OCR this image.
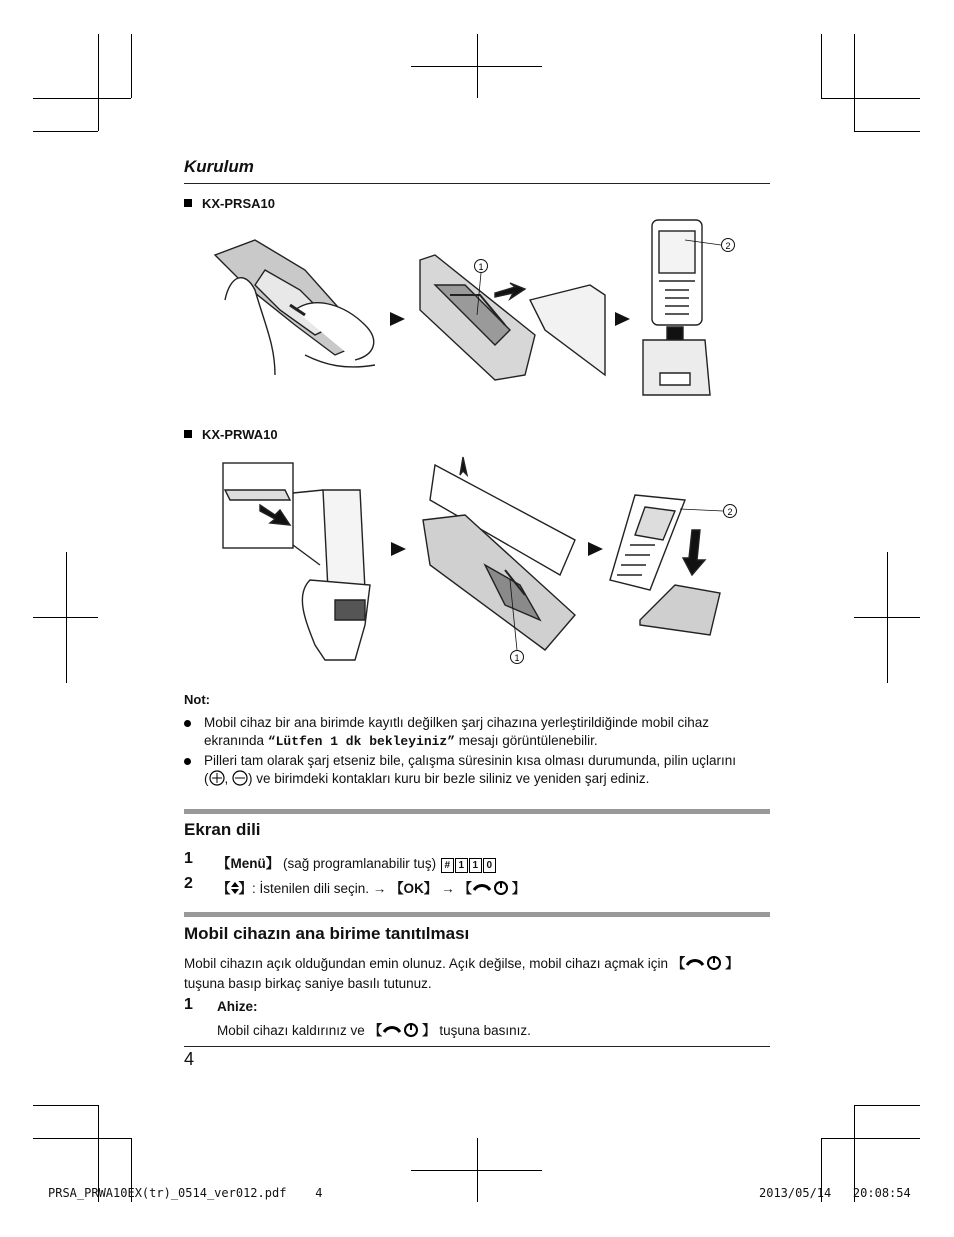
Kurulum
KX-PRSA10
1
2
KX-PRWA10
1
2
Not:
Mobil cihaz bir ana birimde kayıtlı değilken şarj cihazına yerleştirildiğinde mobil cihaz
ekranında “Lütfen 1 dk bekleyiniz” mesajı görüntülenebilir.
Pilleri tam olarak şarj etseniz bile, çalışma süresinin kısa olması durumunda, pilin uçlarını
( , ) ve birimdeki kontakları kuru bir bezle siliniz ve yeniden şarj ediniz.
Ekran dili
1 【Menü】 (sağ programlanabilir tuş) # 1 1 0
2 【 】: İstenilen dili seçin. → 【OK】 → 【	】
Mobil cihazın ana birime tanıtılması
Mobil cihazın açık olduğundan emin olunuz. Açık değilse, mobil cihazı açmak için 【	】
tuşuna basıp birkaç saniye basılı tutunuz.
1 Ahize:
Mobil cihazı kaldırınız ve 【	】 tuşuna basınız.
4
PRSA_PRWA10EX(tr)_0514_ver012.pdf    4	2013/05/14   20:08:54
